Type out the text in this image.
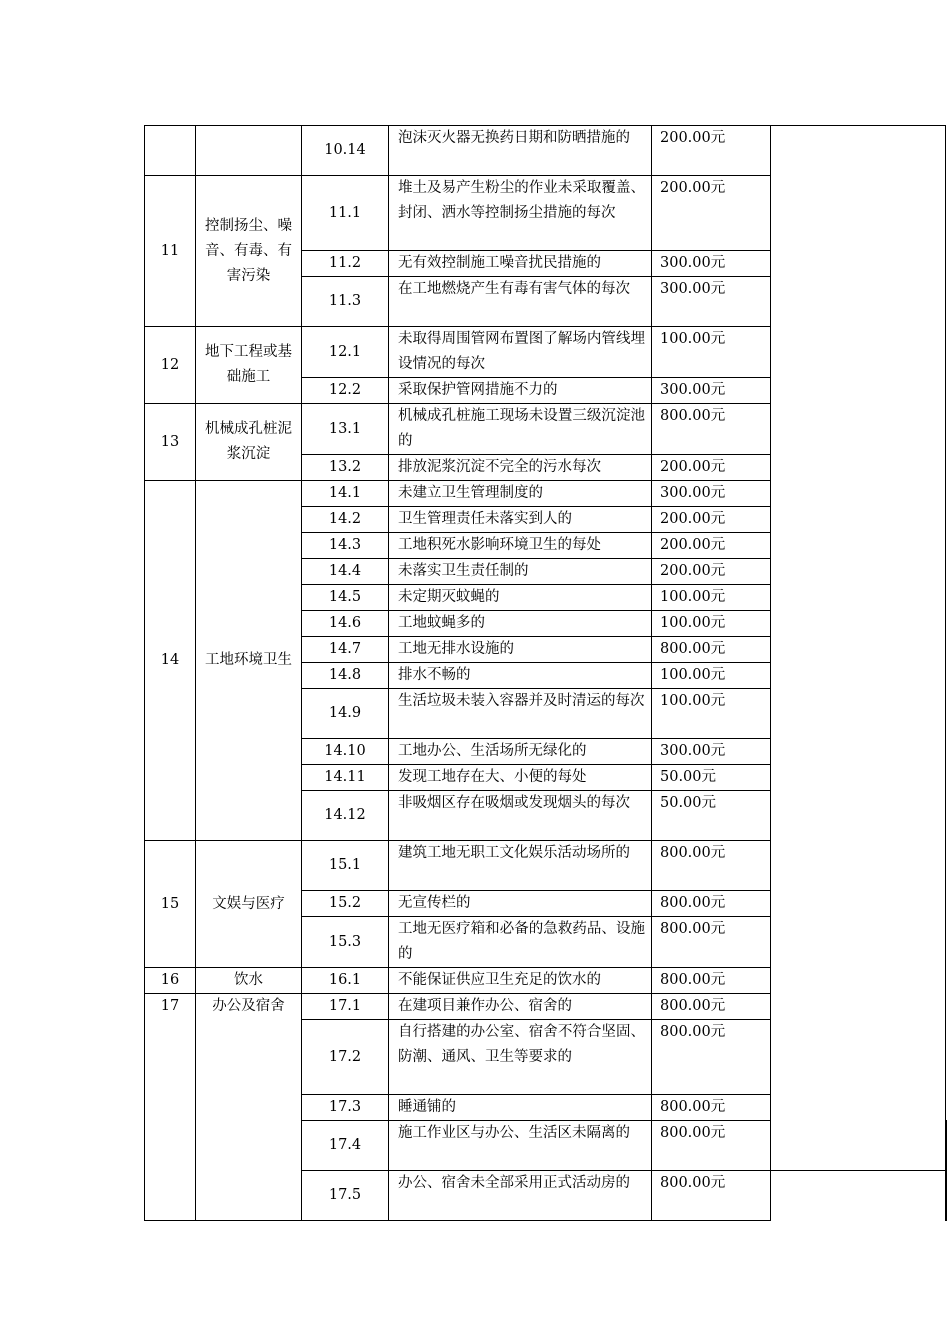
		10.14	泡沫灭火器无换药日期和防晒措施的	200.00元		
11	控制扬尘、噪音、有毒、有害污染	11.1	堆土及易产生粉尘的作业未采取覆盖、封闭、洒水等控制扬尘措施的每次	200.00元		
		11.2	无有效控制施工噪音扰民措施的	300.00元		
		11.3	在工地燃烧产生有毒有害气体的每次	300.00元		
12	地下工程或基础施工	12.1	未取得周围管网布置图了解场内管线埋设情况的每次	100.00元		
		12.2	采取保护管网措施不力的	300.00元		
13	机械成孔桩泥浆沉淀	13.1	机械成孔桩施工现场未设置三级沉淀池的	800.00元		
		13.2	排放泥浆沉淀不完全的污水每次	200.00元		
14	工地环境卫生	14.1	未建立卫生管理制度的	300.00元		
		14.2	卫生管理责任未落实到人的	200.00元		
		14.3	工地积死水影响环境卫生的每处	200.00元		
		14.4	未落实卫生责任制的	200.00元		
		14.5	未定期灭蚊蝇的	100.00元		
		14.6	工地蚊蝇多的	100.00元		
		14.7	工地无排水设施的	800.00元		
		14.8	排水不畅的	100.00元		
		14.9	生活垃圾未装入容器并及时清运的每次	100.00元		
		14.10	工地办公、生活场所无绿化的	300.00元		
		14.11	发现工地存在大、小便的每处	50.00元		
		14.12	非吸烟区存在吸烟或发现烟头的每次	50.00元		
15	文娱与医疗	15.1	建筑工地无职工文化娱乐活动场所的	800.00元		
		15.2	无宣传栏的	800.00元		
		15.3	工地无医疗箱和必备的急救药品、设施的	800.00元		
16	饮水	16.1	不能保证供应卫生充足的饮水的	800.00元		
17	办公及宿舍	17.1	在建项目兼作办公、宿舍的	800.00元		
		17.2	自行搭建的办公室、宿舍不符合坚固、防潮、通风、卫生等要求的	800.00元		
		17.3	睡通铺的	800.00元		
		17.4	施工作业区与办公、生活区未隔离的	800.00元		
		17.5	办公、宿舍未全部采用正式活动房的	800.00元		
